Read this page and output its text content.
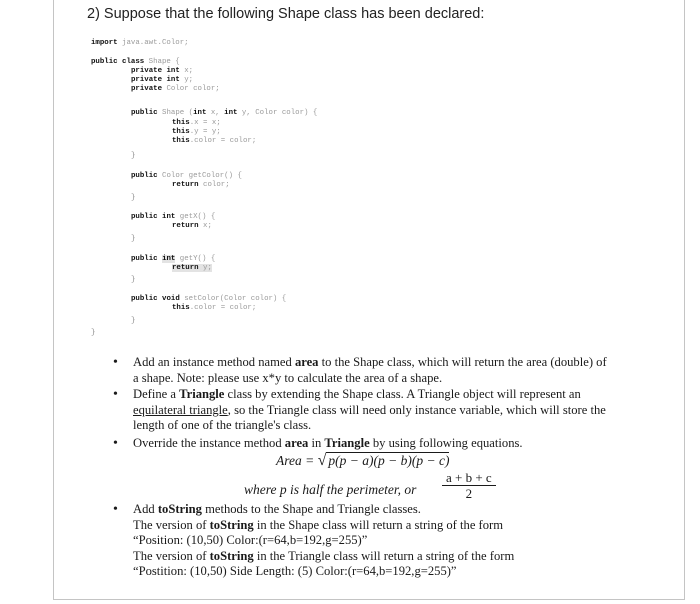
2) Suppose that the following Shape class has been declared:

import java.awt.Color;

public class Shape {

private int x;

private int y;

private Color color;

public Shape (int x, int y, Color color) {

this.x = x;

this.y = y;

this.color = color;

}

public Color getColor() {

return color;

}

public int getX() {

return x;

}

public int getY() {

return y;

}

public void setColor(Color color) {

this.color = color;

}

}

• Add an instance method named area to the Shape class, which will return the area (double) of a shape. Note: please use x*y to calculate the area of a shape.
• Define a Triangle class by extending the Shape class. A Triangle object will represent an equilateral triangle, so the Triangle class will need only instance variable, which will store the length of one of the triangle's class.
• Override the instance method area in Triangle by using following equations.
Area = √ p(p − a)(p − b)(p − c)
where p is half the perimeter, or $\frac{a + b + c}{2}$
• Add toString methods to the Shape and Triangle classes.
The version of toString in the Shape class will return a string of the form
“Position: (10,50) Color:(r=64,b=192,g=255)”
The version of toString in the Triangle class will return a string of the form
“Postition: (10,50) Side Length: (5) Color:(r=64,b=192,g=255)”
